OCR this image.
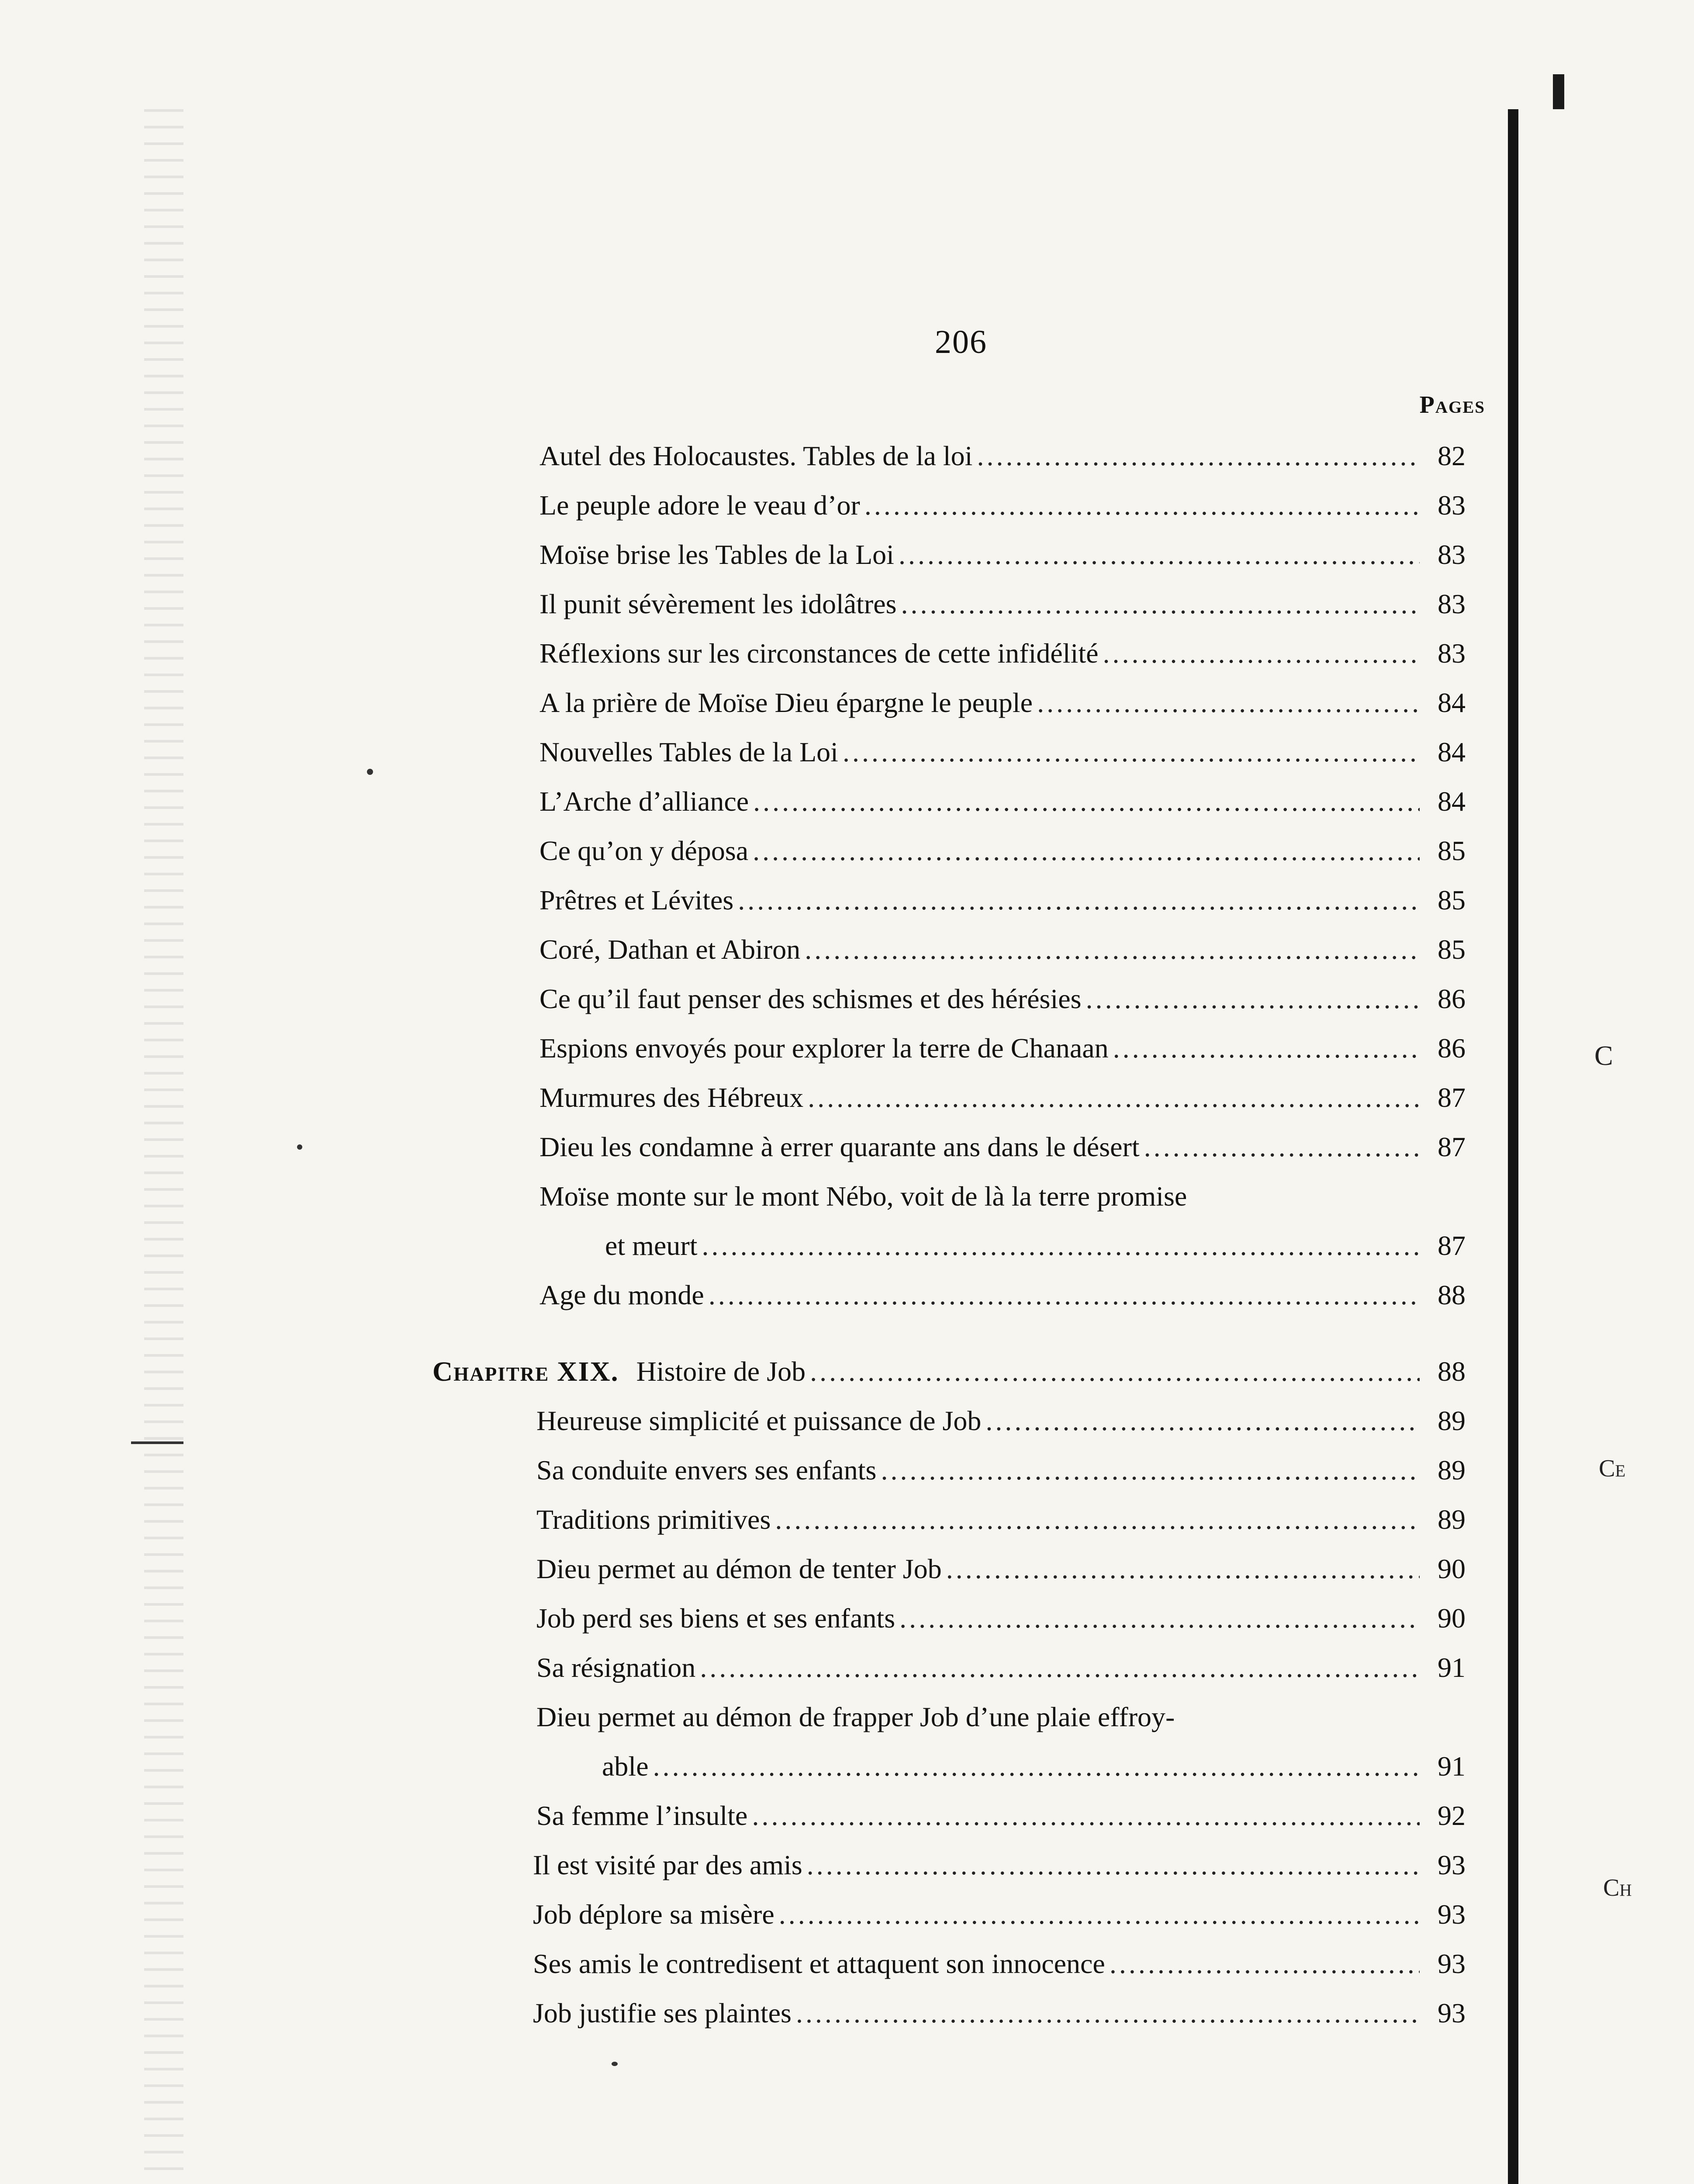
C
Ce
Ch
206
Pages
Autel des Holocaustes. Tables de la loi .....	82
Le peuple adore le veau d’or .....	83
Moïse brise les Tables de la Loi .....	83
Il punit sévèrement les idolâtres .....	83
Réflexions sur les circonstances de cette infidélité .....	83
A la prière de Moïse Dieu épargne le peuple .....	84
Nouvelles Tables de la Loi .....	84
L’Arche d’alliance .....	84
Ce qu’on y déposa .....	85
Prêtres et Lévites .....	85
Coré, Dathan et Abiron .....	85
Ce qu’il faut penser des schismes et des hérésies .....	86
Espions envoyés pour explorer la terre de Chanaan .....	86
Murmures des Hébreux .....	87
Dieu les condamne à errer quarante ans dans le désert .....	87
Moïse monte sur le mont Nébo, voit de là la terre promise
et meurt .....	87
Age du monde .....	88
Chapitre XIX. Histoire de Job .....	88
Heureuse simplicité et puissance de Job .....	89
Sa conduite envers ses enfants .....	89
Traditions primitives .....	89
Dieu permet au démon de tenter Job .....	90
Job perd ses biens et ses enfants .....	90
Sa résignation .....	91
Dieu permet au démon de frapper Job d’une plaie effroy-
able .....	91
Sa femme l’insulte .....	92
Il est visité par des amis .....	93
Job déplore sa misère .....	93
Ses amis le contredisent et attaquent son innocence .....	93
Job justifie ses plaintes .....	93
